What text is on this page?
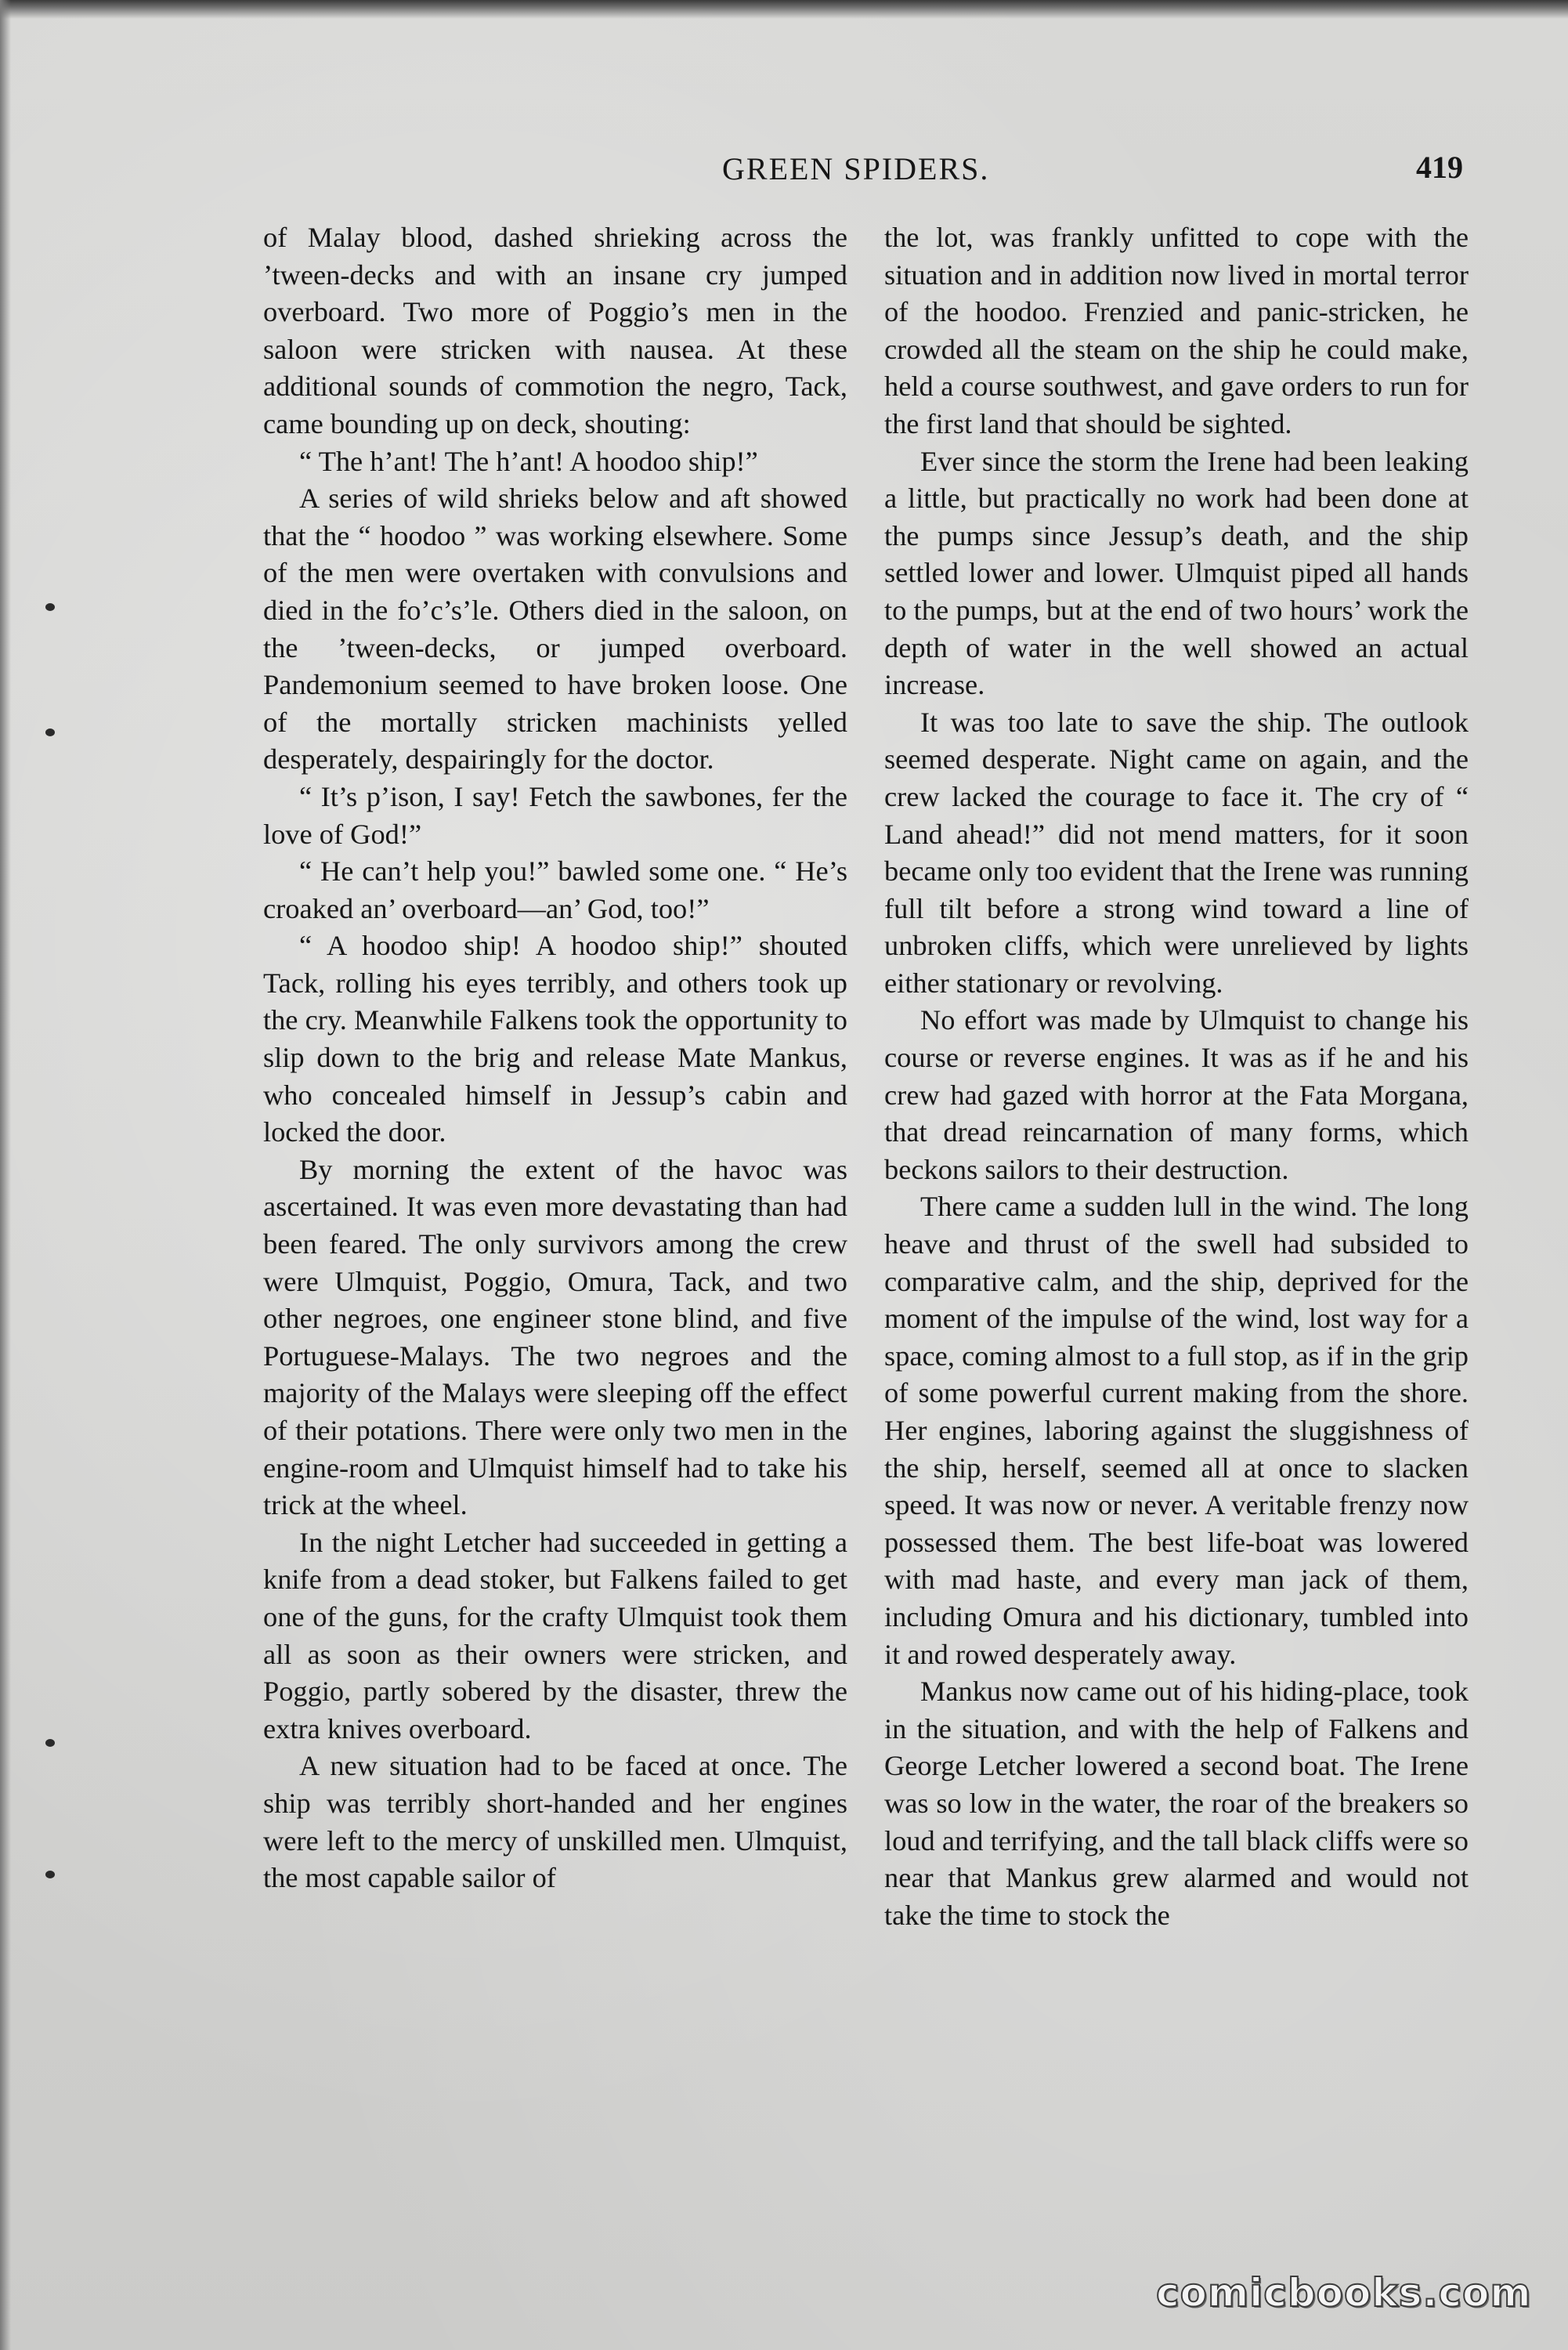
GREEN SPIDERS.	419

of Malay blood, dashed shrieking across the ’tween-decks and with an insane cry jumped overboard. Two more of Poggio’s men in the saloon were stricken with nausea. At these additional sounds of commotion the negro, Tack, came bounding up on deck, shouting:

“ The h’ant! The h’ant! A hoodoo ship!”

A series of wild shrieks below and aft showed that the “ hoodoo ” was working elsewhere. Some of the men were overtaken with convulsions and died in the fo’c’s’le. Others died in the saloon, on the ’tween-decks, or jumped overboard. Pandemonium seemed to have broken loose. One of the mortally stricken machinists yelled desperately, despairingly for the doctor.

“ It’s p’ison, I say! Fetch the sawbones, fer the love of God!”

“ He can’t help you!” bawled some one. “ He’s croaked an’ overboard—an’ God, too!”

“ A hoodoo ship! A hoodoo ship!” shouted Tack, rolling his eyes terribly, and others took up the cry. Meanwhile Falkens took the opportunity to slip down to the brig and release Mate Mankus, who concealed himself in Jessup’s cabin and locked the door.

By morning the extent of the havoc was ascertained. It was even more devastating than had been feared. The only survivors among the crew were Ulmquist, Poggio, Omura, Tack, and two other negroes, one engineer stone blind, and five Portuguese-Malays. The two negroes and the majority of the Malays were sleeping off the effect of their potations. There were only two men in the engine-room and Ulmquist himself had to take his trick at the wheel.

In the night Letcher had succeeded in getting a knife from a dead stoker, but Falkens failed to get one of the guns, for the crafty Ulmquist took them all as soon as their owners were stricken, and Poggio, partly sobered by the disaster, threw the extra knives overboard.

A new situation had to be faced at once. The ship was terribly short-handed and her engines were left to the mercy of unskilled men. Ulmquist, the most capable sailor of

the lot, was frankly unfitted to cope with the situation and in addition now lived in mortal terror of the hoodoo. Frenzied and panic-stricken, he crowded all the steam on the ship he could make, held a course southwest, and gave orders to run for the first land that should be sighted.

Ever since the storm the Irene had been leaking a little, but practically no work had been done at the pumps since Jessup’s death, and the ship settled lower and lower. Ulmquist piped all hands to the pumps, but at the end of two hours’ work the depth of water in the well showed an actual increase.

It was too late to save the ship. The outlook seemed desperate. Night came on again, and the crew lacked the courage to face it. The cry of “ Land ahead!” did not mend matters, for it soon became only too evident that the Irene was running full tilt before a strong wind toward a line of unbroken cliffs, which were unrelieved by lights either stationary or revolving.

No effort was made by Ulmquist to change his course or reverse engines. It was as if he and his crew had gazed with horror at the Fata Morgana, that dread reincarnation of many forms, which beckons sailors to their destruction.

There came a sudden lull in the wind. The long heave and thrust of the swell had subsided to comparative calm, and the ship, deprived for the moment of the impulse of the wind, lost way for a space, coming almost to a full stop, as if in the grip of some powerful current making from the shore. Her engines, laboring against the sluggishness of the ship, herself, seemed all at once to slacken speed. It was now or never. A veritable frenzy now possessed them. The best life-boat was lowered with mad haste, and every man jack of them, including Omura and his dictionary, tumbled into it and rowed desperately away.

Mankus now came out of his hiding-place, took in the situation, and with the help of Falkens and George Letcher lowered a second boat. The Irene was so low in the water, the roar of the breakers so loud and terrifying, and the tall black cliffs were so near that Mankus grew alarmed and would not take the time to stock the

comicbooks.com
